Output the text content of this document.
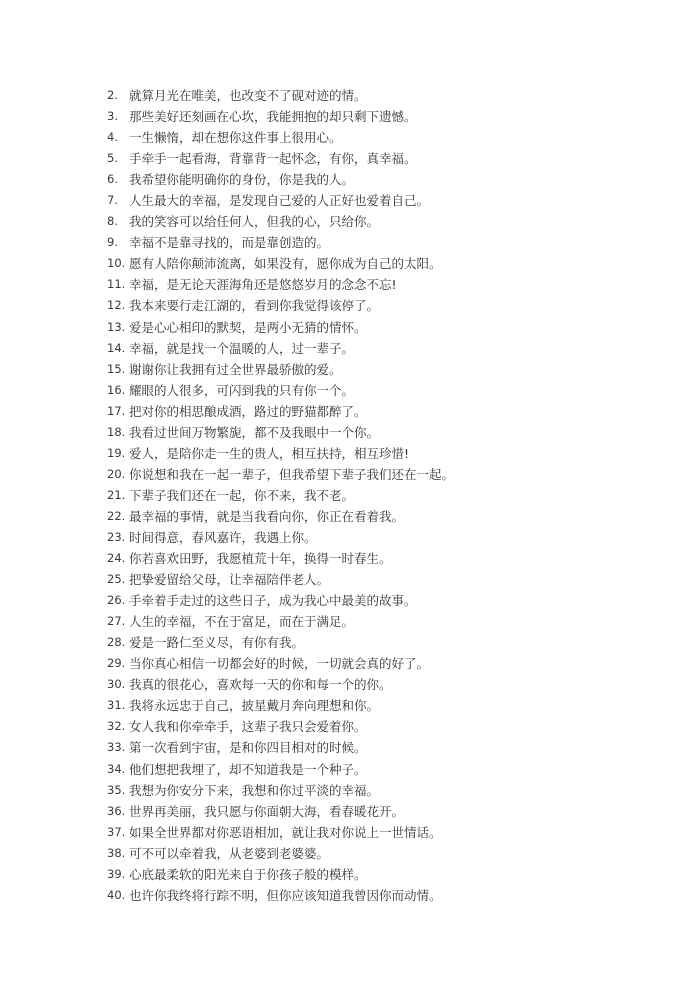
2. 就算月光在唯美，也改变不了砚对迹的情。
3. 那些美好还刻画在心坎，我能拥抱的却只剩下遗憾。
4. 一生懒惰，却在想你这件事上很用心。
5. 手牵手一起看海，背靠背一起怀念，有你，真幸福。
6. 我希望你能明确你的身份，你是我的人。
7. 人生最大的幸福，是发现自己爱的人正好也爱着自己。
8. 我的笑容可以给任何人，但我的心，只给你。
9. 幸福不是靠寻找的，而是靠创造的。
10. 愿有人陪你颠沛流离，如果没有，愿你成为自己的太阳。
11. 幸福，是无论天涯海角还是悠悠岁月的念念不忘!
12. 我本来要行走江湖的，看到你我觉得该停了。
13. 爱是心心相印的默契，是两小无猜的情怀。
14. 幸福，就是找一个温暖的人，过一辈子。
15. 谢谢你让我拥有过全世界最骄傲的爱。
16. 耀眼的人很多，可闪到我的只有你一个。
17. 把对你的相思酿成酒，路过的野猫都醉了。
18. 我看过世间万物繁旎，都不及我眼中一个你。
19. 爱人，是陪你走一生的贵人，相互扶持，相互珍惜!
20. 你说想和我在一起一辈子，但我希望下辈子我们还在一起。
21. 下辈子我们还在一起，你不来，我不老。
22. 最幸福的事情，就是当我看向你，你正在看着我。
23. 时间得意，春风嘉许，我遇上你。
24. 你若喜欢田野，我愿植荒十年，换得一时春生。
25. 把挚爱留给父母，让幸福陪伴老人。
26. 手牵着手走过的这些日子，成为我心中最美的故事。
27. 人生的幸福，不在于富足，而在于满足。
28. 爱是一路仁至义尽，有你有我。
29. 当你真心相信一切都会好的时候，一切就会真的好了。
30. 我真的很花心，喜欢每一天的你和每一个的你。
31. 我将永远忠于自己，披星戴月奔向理想和你。
32. 女人我和你牵牵手，这辈子我只会爱着你。
33. 第一次看到宇宙，是和你四目相对的时候。
34. 他们想把我埋了，却不知道我是一个种子。
35. 我想为你安分下来，我想和你过平淡的幸福。
36. 世界再美丽，我只愿与你面朝大海，看春暖花开。
37. 如果全世界都对你恶语相加，就让我对你说上一世情话。
38. 可不可以牵着我，从老婆到老婆婆。
39. 心底最柔软的阳光来自于你孩子般的模样。
40. 也许你我终将行踪不明，但你应该知道我曾因你而动情。
